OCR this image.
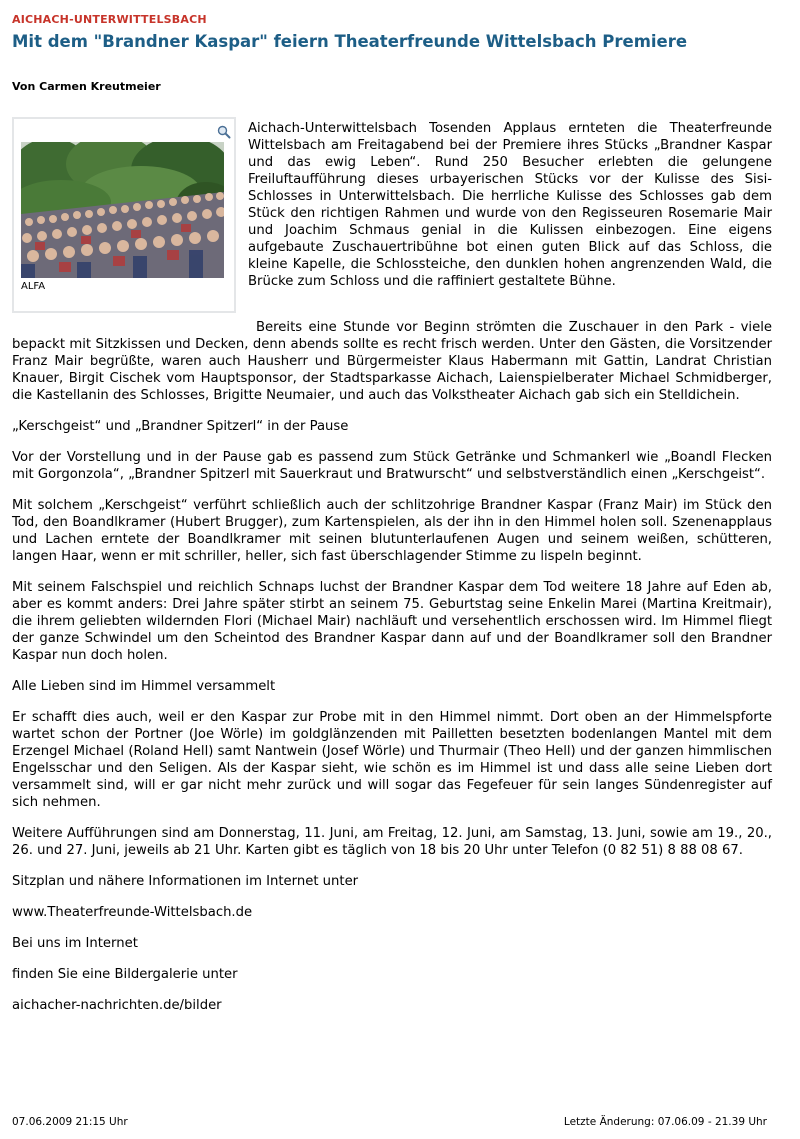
AICHACH-UNTERWITTELSBACH
Mit dem "Brandner Kaspar" feiern Theaterfreunde Wittelsbach Premiere
Von Carmen Kreutmeier
ALFA

Aichach-Unterwittelsbach Tosenden Applaus ernteten die Theaterfreunde Wittelsbach am Freitagabend bei der Premiere ihres Stücks „Brandner Kaspar und das ewig Leben“. Rund 250 Besucher erlebten die gelungene Freiluftaufführung dieses urbayerischen Stücks vor der Kulisse des Sisi-Schlosses in Unterwittelsbach. Die herrliche Kulisse des Schlosses gab dem Stück den richtigen Rahmen und wurde von den Regisseuren Rosemarie Mair und Joachim Schmaus genial in die Kulissen einbezogen. Eine eigens aufgebaute Zuschauertribühne bot einen guten Blick auf das Schloss, die kleine Kapelle, die Schlossteiche, den dunklen hohen angrenzenden Wald, die Brücke zum Schloss und die raffiniert gestaltete Bühne.

Bereits eine Stunde vor Beginn strömten die Zuschauer in den Park - viele bepackt mit Sitzkissen und Decken, denn abends sollte es recht frisch werden. Unter den Gästen, die Vorsitzender Franz Mair begrüßte, waren auch Hausherr und Bürgermeister Klaus Habermann mit Gattin, Landrat Christian Knauer, Birgit Cischek vom Hauptsponsor, der Stadtsparkasse Aichach, Laienspielberater Michael Schmidberger, die Kastellanin des Schlosses, Brigitte Neumaier, und auch das Volkstheater Aichach gab sich ein Stelldichein.

„Kerschgeist“ und „Brandner Spitzerl“ in der Pause

Vor der Vorstellung und in der Pause gab es passend zum Stück Getränke und Schmankerl wie „Boandl Flecken mit Gorgonzola“, „Brandner Spitzerl mit Sauerkraut und Bratwurscht“ und selbstverständlich einen „Kerschgeist“.

Mit solchem „Kerschgeist“ verführt schließlich auch der schlitzohrige Brandner Kaspar (Franz Mair) im Stück den Tod, den Boandlkramer (Hubert Brugger), zum Kartenspielen, als der ihn in den Himmel holen soll. Szenenapplaus und Lachen erntete der Boandlkramer mit seinen blutunterlaufenen Augen und seinem weißen, schütteren, langen Haar, wenn er mit schriller, heller, sich fast überschlagender Stimme zu lispeln beginnt.

Mit seinem Falschspiel und reichlich Schnaps luchst der Brandner Kaspar dem Tod weitere 18 Jahre auf Eden ab, aber es kommt anders: Drei Jahre später stirbt an seinem 75. Geburtstag seine Enkelin Marei (Martina Kreitmair), die ihrem geliebten wildernden Flori (Michael Mair) nachläuft und versehentlich erschossen wird. Im Himmel fliegt der ganze Schwindel um den Scheintod des Brandner Kaspar dann auf und der Boandlkramer soll den Brandner Kaspar nun doch holen.

Alle Lieben sind im Himmel versammelt

Er schafft dies auch, weil er den Kaspar zur Probe mit in den Himmel nimmt. Dort oben an der Himmelspforte wartet schon der Portner (Joe Wörle) im goldglänzenden mit Pailletten besetzten bodenlangen Mantel mit dem Erzengel Michael (Roland Hell) samt Nantwein (Josef Wörle) und Thurmair (Theo Hell) und der ganzen himmlischen Engelsschar und den Seligen. Als der Kaspar sieht, wie schön es im Himmel ist und dass alle seine Lieben dort versammelt sind, will er gar nicht mehr zurück und will sogar das Fegefeuer für sein langes Sündenregister auf sich nehmen.

Weitere Aufführungen sind am Donnerstag, 11. Juni, am Freitag, 12. Juni, am Samstag, 13. Juni, sowie am 19., 20., 26. und 27. Juni, jeweils ab 21 Uhr. Karten gibt es täglich von 18 bis 20 Uhr unter Telefon (0 82 51) 8 88 08 67.

Sitzplan und nähere Informationen im Internet unter

www.Theaterfreunde-Wittelsbach.de

Bei uns im Internet

finden Sie eine Bildergalerie unter

aichacher-nachrichten.de/bilder

07.06.2009 21:15 Uhr	Letzte Änderung: 07.06.09 - 21.39 Uhr
